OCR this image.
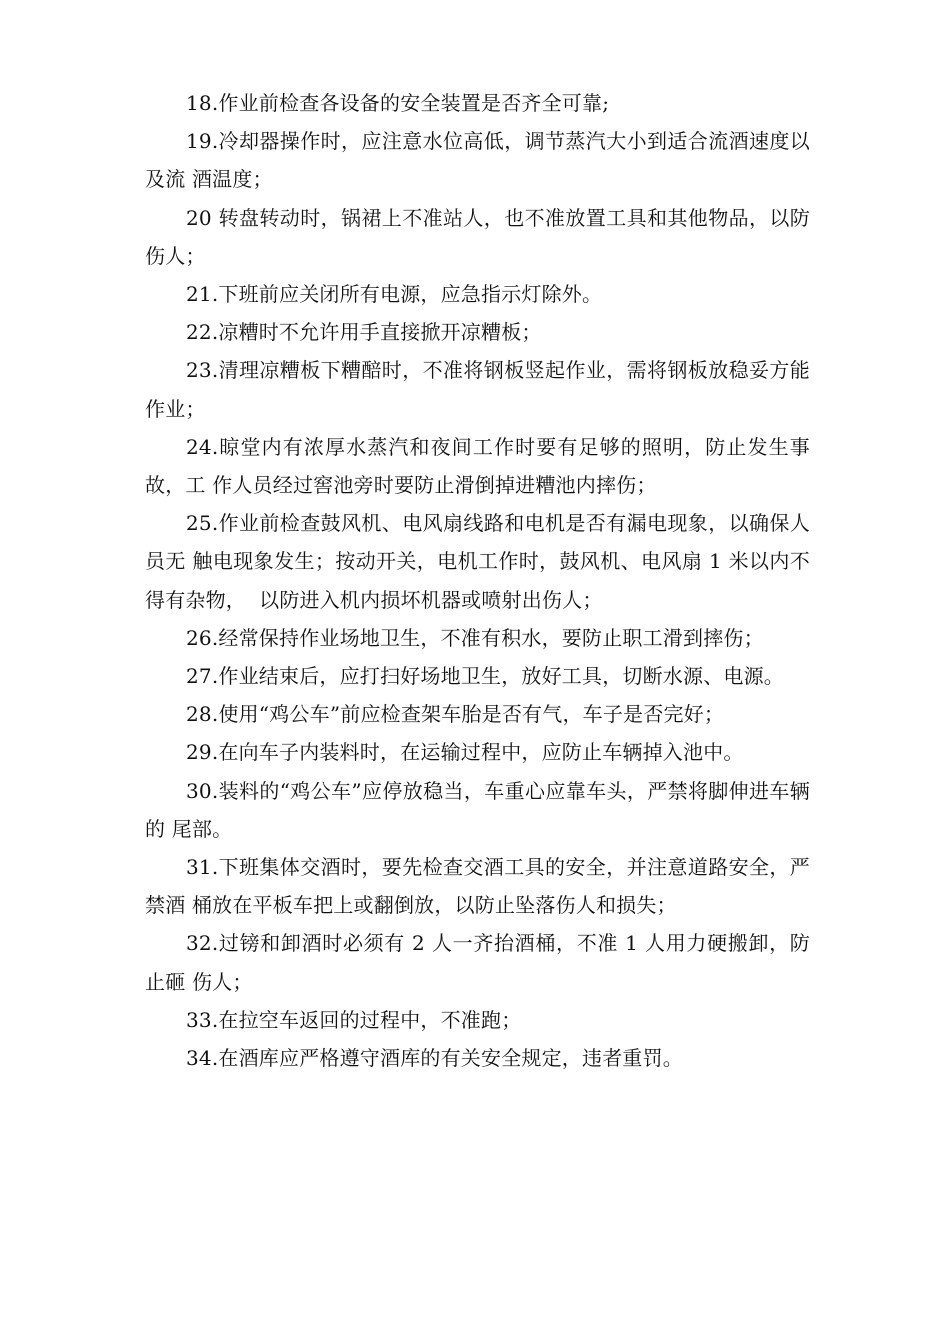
18.作业前检查各设备的安全装置是否齐全可靠;

19.冷却器操作时，应注意水位高低，调节蒸汽大小到适合流酒速度以及流 酒温度；

20 转盘转动时，锅裙上不准站人，也不准放置工具和其他物品，以防伤人；

21.下班前应关闭所有电源，应急指示灯除外。

22.凉糟时不允许用手直接掀开凉糟板；

23.清理凉糟板下糟醅时，不准将钢板竖起作业，需将钢板放稳妥方能作业；

24.晾堂内有浓厚水蒸汽和夜间工作时要有足够的照明，防止发生事故，工 作人员经过窖池旁时要防止滑倒掉进糟池内摔伤；

25.作业前检查鼓风机、电风扇线路和电机是否有漏电现象，以确保人员无 触电现象发生；按动开关，电机工作时，鼓风机、电风扇 1 米以内不得有杂物，  以防进入机内损坏机器或喷射出伤人；

26.经常保持作业场地卫生，不准有积水，要防止职工滑到摔伤；

27.作业结束后，应打扫好场地卫生，放好工具，切断水源、电源。

28.使用“鸡公车”前应检查架车胎是否有气，车子是否完好；

29.在向车子内装料时，在运输过程中，应防止车辆掉入池中。

30.装料的“鸡公车”应停放稳当，车重心应靠车头，严禁将脚伸进车辆的 尾部。

31.下班集体交酒时，要先检查交酒工具的安全，并注意道路安全，严禁酒 桶放在平板车把上或翻倒放，以防止坠落伤人和损失；

32.过镑和卸酒时必须有 2 人一齐抬酒桶，不准 1 人用力硬搬卸，防止砸 伤人；

33.在拉空车返回的过程中，不准跑；

34.在酒库应严格遵守酒库的有关安全规定，违者重罚。
